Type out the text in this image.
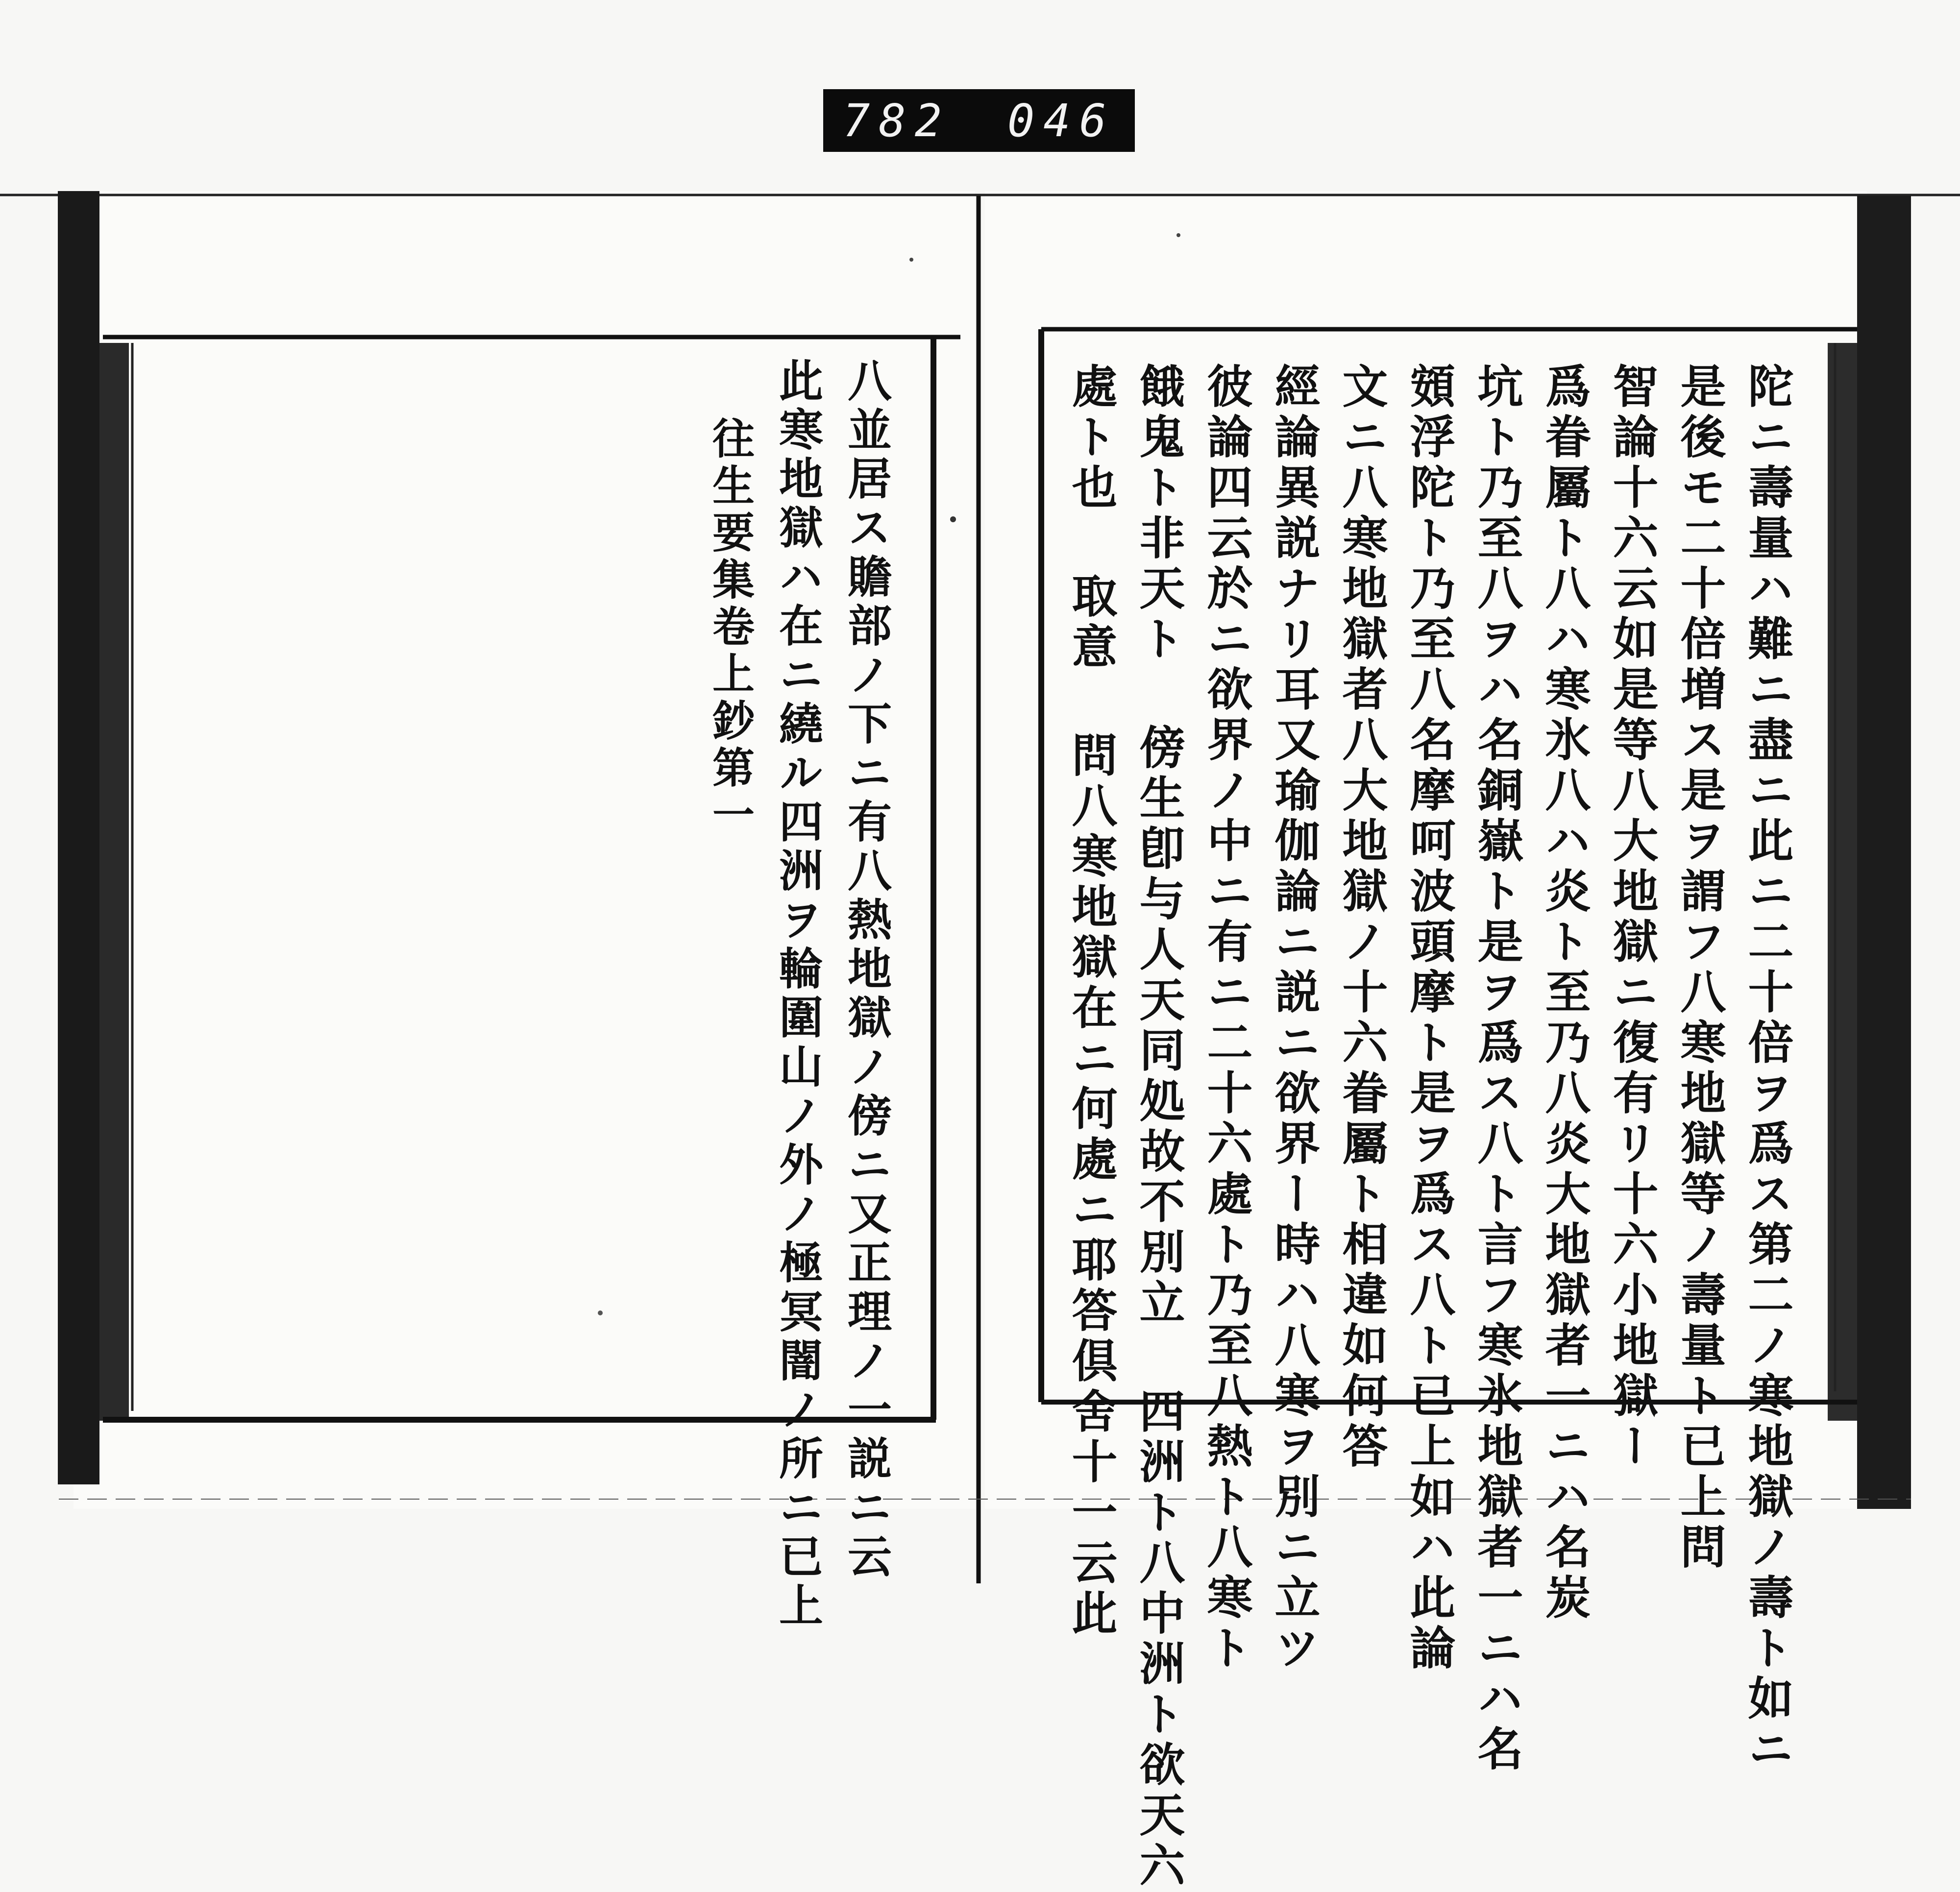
782 046
陀ニ壽量ハ難ニ盡ニ此ニ二十倍ヲ爲ス第二ノ寒地獄ノ壽ト如ニ
是後モ二十倍増ス是ヲ謂フ八寒地獄等ノ壽量ト已上問
智論十六云如是等八大地獄ニ復有リ十六小地獄ー
爲眷屬ト八ハ寒氷八ハ炎ト至乃八炎大地獄者一ニハ名炭
坑ト乃至八ヲハ名銅嶽ト是ヲ爲ス八ト言フ寒氷地獄者一ニハ名
頞浮陀ト乃至八名摩呵波頭摩ト是ヲ爲ス八ト已上如ハ此論
文ニ八寒地獄者八大地獄ノ十六眷屬ト相違如何答
經論異説ナリ耳又瑜伽論ニ説ニ欲界ー時ハ八寒ヲ別ニ立ツ
彼論四云於ニ欲界ノ中ニ有ニ二十六處ト乃至八熱ト八寒ト
餓鬼ト非天ト 傍生卽与人天同処故不別立 四洲ト八中洲ト欲天六
處ト也 取意 問八寒地獄在ニ何處ニ耶答倶舍十一云此
八並居ス贍部ノ下ニ有八熱地獄ノ傍ニ又正理ノ一説ニ云
此寒地獄ハ在ニ繞ル四洲ヲ輪圍山ノ外ノ極冥闇ノ所ニ已上
往生要集卷上鈔第一
